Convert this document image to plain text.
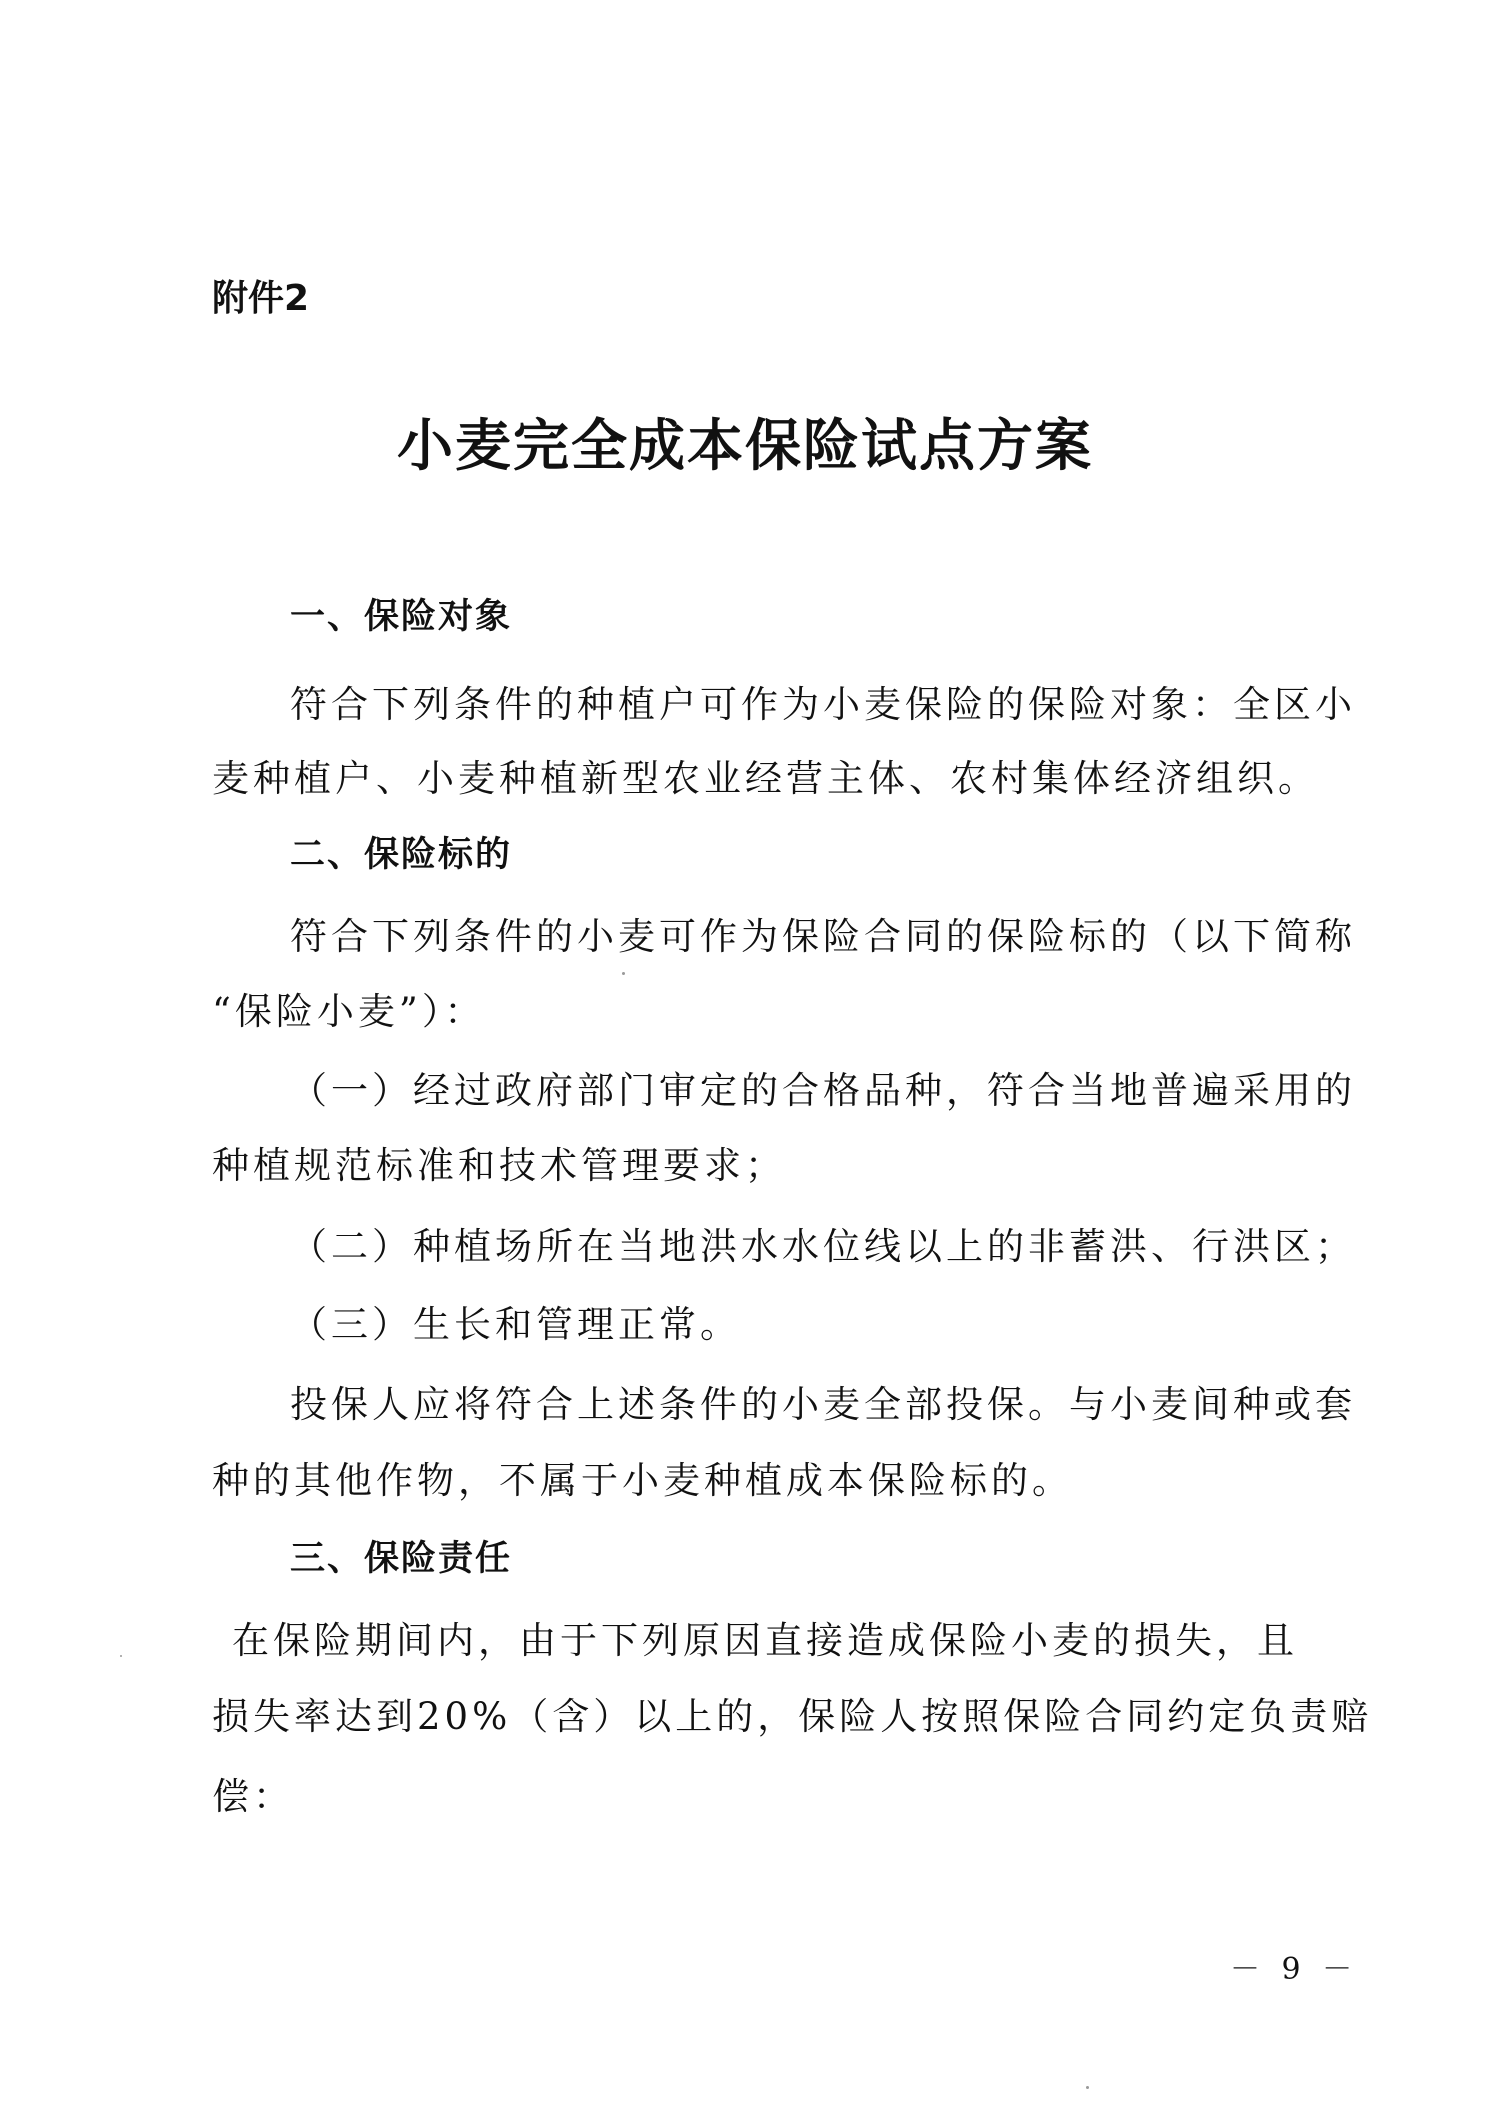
附件2
小麦完全成本保险试点方案
一、保险对象
符合下列条件的种植户可作为小麦保险的保险对象：全区小
麦种植户、小麦种植新型农业经营主体、农村集体经济组织。
二、保险标的
符合下列条件的小麦可作为保险合同的保险标的（以下简称
“保险小麦”）：
（一）经过政府部门审定的合格品种，符合当地普遍采用的
种植规范标准和技术管理要求；
（二）种植场所在当地洪水水位线以上的非蓄洪、行洪区；
（三）生长和管理正常。
投保人应将符合上述条件的小麦全部投保。与小麦间种或套
种的其他作物，不属于小麦种植成本保险标的。
三、保险责任
在保险期间内，由于下列原因直接造成保险小麦的损失，且
损失率达到20%（含）以上的，保险人按照保险合同约定负责赔
偿：
－ 9 －
